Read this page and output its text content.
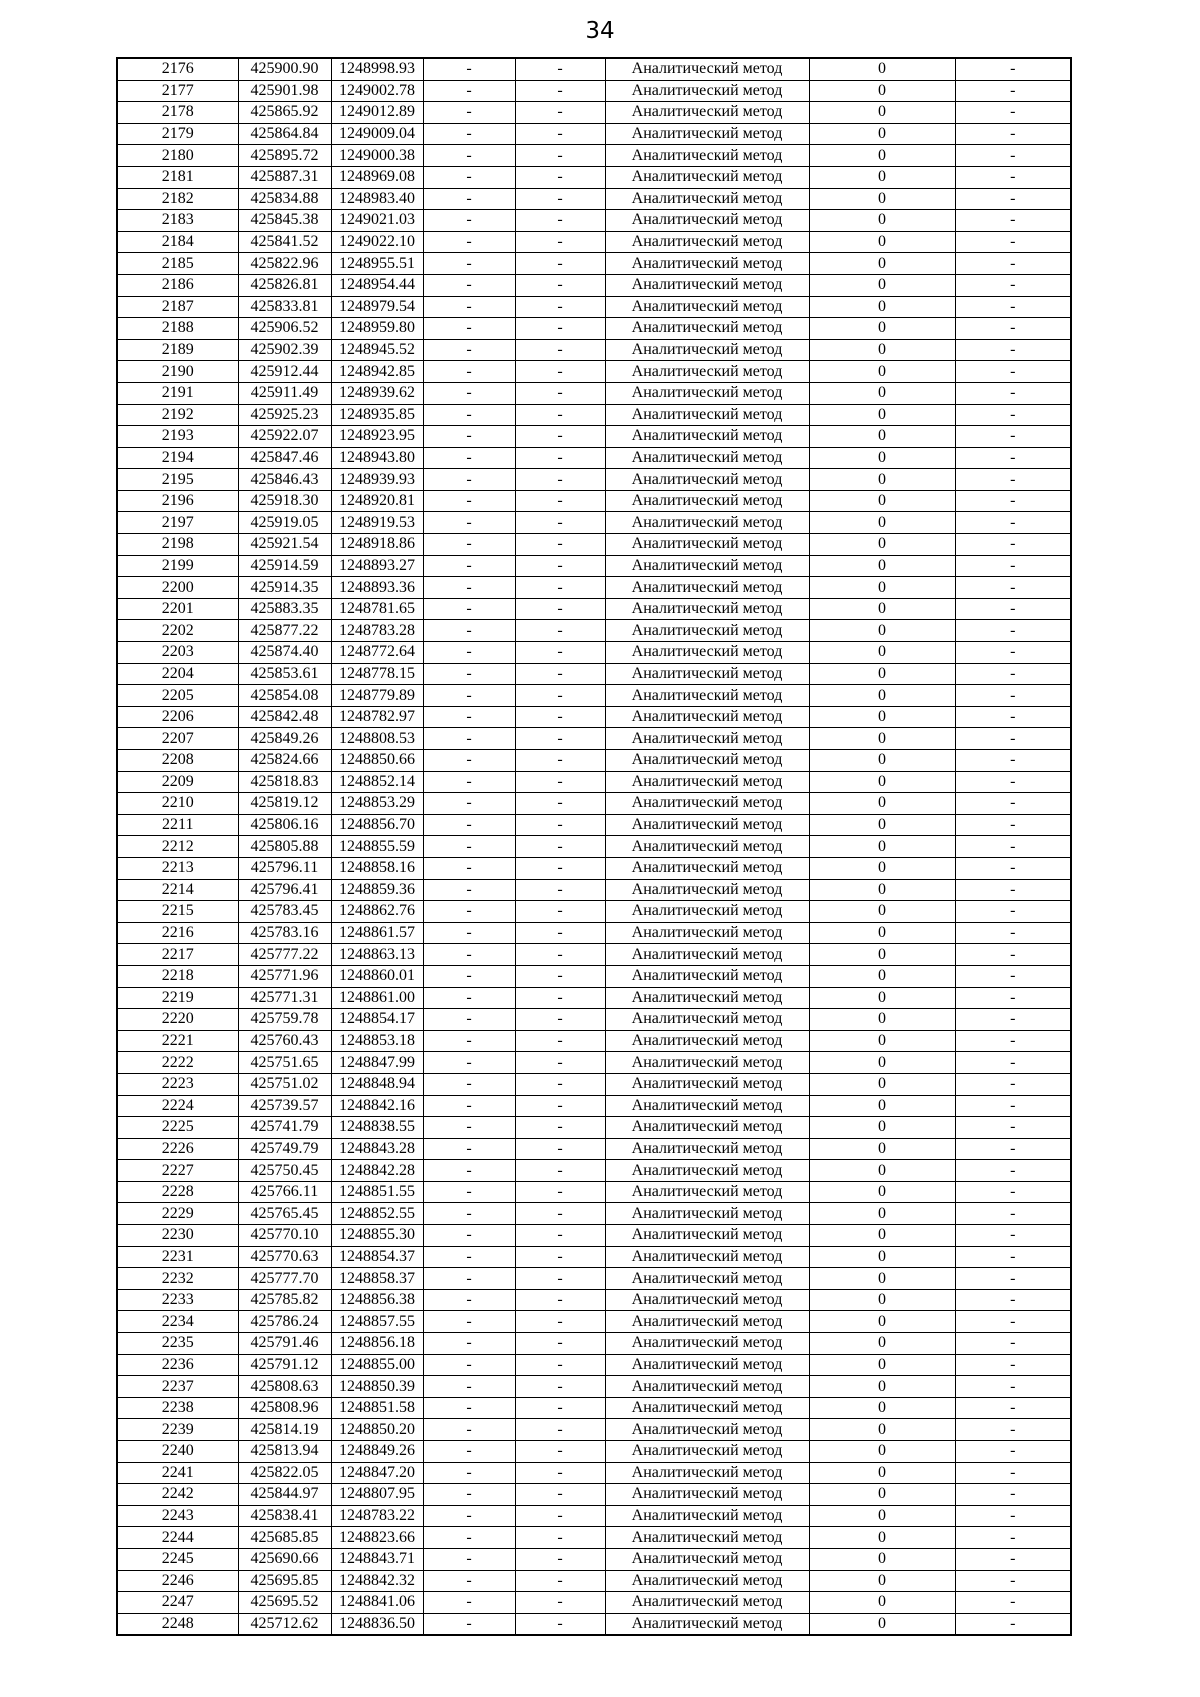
34
2176	425900.90	1248998.93	-	-	Аналитический метод	0	-
2177	425901.98	1249002.78	-	-	Аналитический метод	0	-
2178	425865.92	1249012.89	-	-	Аналитический метод	0	-
2179	425864.84	1249009.04	-	-	Аналитический метод	0	-
2180	425895.72	1249000.38	-	-	Аналитический метод	0	-
2181	425887.31	1248969.08	-	-	Аналитический метод	0	-
2182	425834.88	1248983.40	-	-	Аналитический метод	0	-
2183	425845.38	1249021.03	-	-	Аналитический метод	0	-
2184	425841.52	1249022.10	-	-	Аналитический метод	0	-
2185	425822.96	1248955.51	-	-	Аналитический метод	0	-
2186	425826.81	1248954.44	-	-	Аналитический метод	0	-
2187	425833.81	1248979.54	-	-	Аналитический метод	0	-
2188	425906.52	1248959.80	-	-	Аналитический метод	0	-
2189	425902.39	1248945.52	-	-	Аналитический метод	0	-
2190	425912.44	1248942.85	-	-	Аналитический метод	0	-
2191	425911.49	1248939.62	-	-	Аналитический метод	0	-
2192	425925.23	1248935.85	-	-	Аналитический метод	0	-
2193	425922.07	1248923.95	-	-	Аналитический метод	0	-
2194	425847.46	1248943.80	-	-	Аналитический метод	0	-
2195	425846.43	1248939.93	-	-	Аналитический метод	0	-
2196	425918.30	1248920.81	-	-	Аналитический метод	0	-
2197	425919.05	1248919.53	-	-	Аналитический метод	0	-
2198	425921.54	1248918.86	-	-	Аналитический метод	0	-
2199	425914.59	1248893.27	-	-	Аналитический метод	0	-
2200	425914.35	1248893.36	-	-	Аналитический метод	0	-
2201	425883.35	1248781.65	-	-	Аналитический метод	0	-
2202	425877.22	1248783.28	-	-	Аналитический метод	0	-
2203	425874.40	1248772.64	-	-	Аналитический метод	0	-
2204	425853.61	1248778.15	-	-	Аналитический метод	0	-
2205	425854.08	1248779.89	-	-	Аналитический метод	0	-
2206	425842.48	1248782.97	-	-	Аналитический метод	0	-
2207	425849.26	1248808.53	-	-	Аналитический метод	0	-
2208	425824.66	1248850.66	-	-	Аналитический метод	0	-
2209	425818.83	1248852.14	-	-	Аналитический метод	0	-
2210	425819.12	1248853.29	-	-	Аналитический метод	0	-
2211	425806.16	1248856.70	-	-	Аналитический метод	0	-
2212	425805.88	1248855.59	-	-	Аналитический метод	0	-
2213	425796.11	1248858.16	-	-	Аналитический метод	0	-
2214	425796.41	1248859.36	-	-	Аналитический метод	0	-
2215	425783.45	1248862.76	-	-	Аналитический метод	0	-
2216	425783.16	1248861.57	-	-	Аналитический метод	0	-
2217	425777.22	1248863.13	-	-	Аналитический метод	0	-
2218	425771.96	1248860.01	-	-	Аналитический метод	0	-
2219	425771.31	1248861.00	-	-	Аналитический метод	0	-
2220	425759.78	1248854.17	-	-	Аналитический метод	0	-
2221	425760.43	1248853.18	-	-	Аналитический метод	0	-
2222	425751.65	1248847.99	-	-	Аналитический метод	0	-
2223	425751.02	1248848.94	-	-	Аналитический метод	0	-
2224	425739.57	1248842.16	-	-	Аналитический метод	0	-
2225	425741.79	1248838.55	-	-	Аналитический метод	0	-
2226	425749.79	1248843.28	-	-	Аналитический метод	0	-
2227	425750.45	1248842.28	-	-	Аналитический метод	0	-
2228	425766.11	1248851.55	-	-	Аналитический метод	0	-
2229	425765.45	1248852.55	-	-	Аналитический метод	0	-
2230	425770.10	1248855.30	-	-	Аналитический метод	0	-
2231	425770.63	1248854.37	-	-	Аналитический метод	0	-
2232	425777.70	1248858.37	-	-	Аналитический метод	0	-
2233	425785.82	1248856.38	-	-	Аналитический метод	0	-
2234	425786.24	1248857.55	-	-	Аналитический метод	0	-
2235	425791.46	1248856.18	-	-	Аналитический метод	0	-
2236	425791.12	1248855.00	-	-	Аналитический метод	0	-
2237	425808.63	1248850.39	-	-	Аналитический метод	0	-
2238	425808.96	1248851.58	-	-	Аналитический метод	0	-
2239	425814.19	1248850.20	-	-	Аналитический метод	0	-
2240	425813.94	1248849.26	-	-	Аналитический метод	0	-
2241	425822.05	1248847.20	-	-	Аналитический метод	0	-
2242	425844.97	1248807.95	-	-	Аналитический метод	0	-
2243	425838.41	1248783.22	-	-	Аналитический метод	0	-
2244	425685.85	1248823.66	-	-	Аналитический метод	0	-
2245	425690.66	1248843.71	-	-	Аналитический метод	0	-
2246	425695.85	1248842.32	-	-	Аналитический метод	0	-
2247	425695.52	1248841.06	-	-	Аналитический метод	0	-
2248	425712.62	1248836.50	-	-	Аналитический метод	0	-
